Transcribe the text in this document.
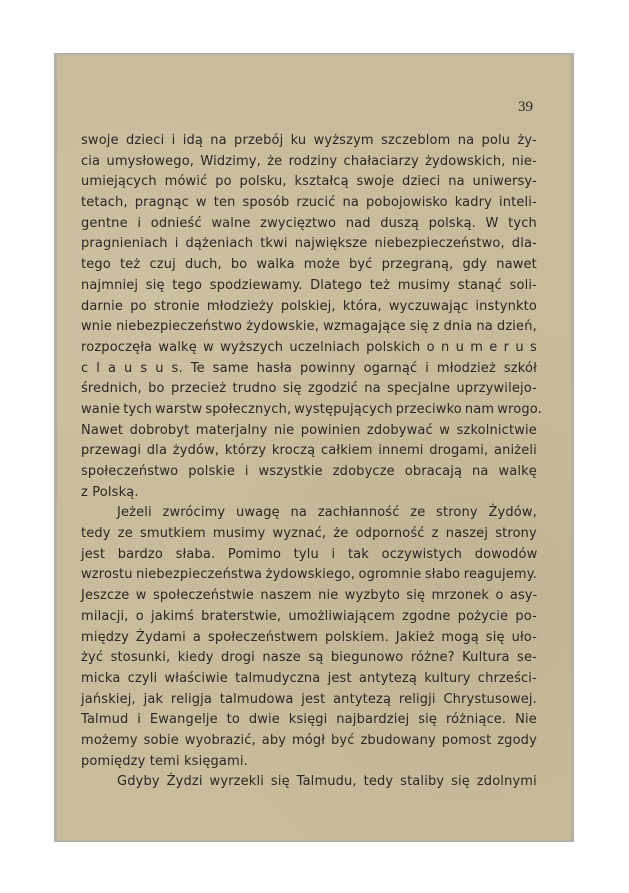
39
swoje dzieci i idą na przebój ku wyższym szczeblom na polu ży-
cia umysłowego, Widzimy, że rodziny chałaciarzy żydowskich, nie-
umiejących mówić po polsku, kształcą swoje dzieci na uniwersy-
tetach, pragnąc w ten sposób rzucić na pobojowisko kadry inteli-
gentne i odnieść walne zwycięztwo nad duszą polską. W tych
pragnieniach i dążeniach tkwi największe niebezpieczeństwo, dla-
tego też czuj duch, bo walka może być przegraną, gdy nawet
najmniej się tego spodziewamy. Dlatego też musimy stanąć soli-
darnie po stronie młodzieży polskiej, która, wyczuwając instynkto
wnie niebezpieczeństwo żydowskie, wzmagające się z dnia na dzień,
rozpoczęła walkę w wyższych uczelniach polskich o n u m e r u s
c l a u s u s. Te same hasła powinny ogarnąć i młodzież szkół
średnich, bo przecież trudno się zgodzić na specjalne uprzywilejo-
wanie tych warstw społecznych, występujących przeciwko nam wrogo.
Nawet dobrobyt materjalny nie powinien zdobywać w szkolnictwie
przewagi dla żydów, którzy kroczą całkiem innemi drogami, aniżeli
społeczeństwo polskie i wszystkie zdobycze obracają na walkę
z Polską.
Jeżeli zwrócimy uwagę na zachłanność ze strony Żydów,
tedy ze smutkiem musimy wyznać, że odporność z naszej strony
jest bardzo słaba. Pomimo tylu i tak oczywistych dowodów
wzrostu niebezpieczeństwa żydowskiego, ogromnie słabo reagujemy.
Jeszcze w społeczeństwie naszem nie wyzbyto się mrzonek o asy-
milacji, o jakimś braterstwie, umożliwiającem zgodne pożycie po-
między Żydami a społeczeństwem polskiem. Jakież mogą się uło-
żyć stosunki, kiedy drogi nasze są biegunowo różne? Kultura se-
micka czyli właściwie talmudyczna jest antytezą kultury chrześci-
jańskiej, jak religja talmudowa jest antytezą religji Chrystusowej.
Talmud i Ewangelje to dwie księgi najbardziej się różniące. Nie
możemy sobie wyobrazić, aby mógł być zbudowany pomost zgody
pomiędzy temi księgami.
Gdyby Żydzi wyrzekli się Talmudu, tedy staliby się zdolnymi
